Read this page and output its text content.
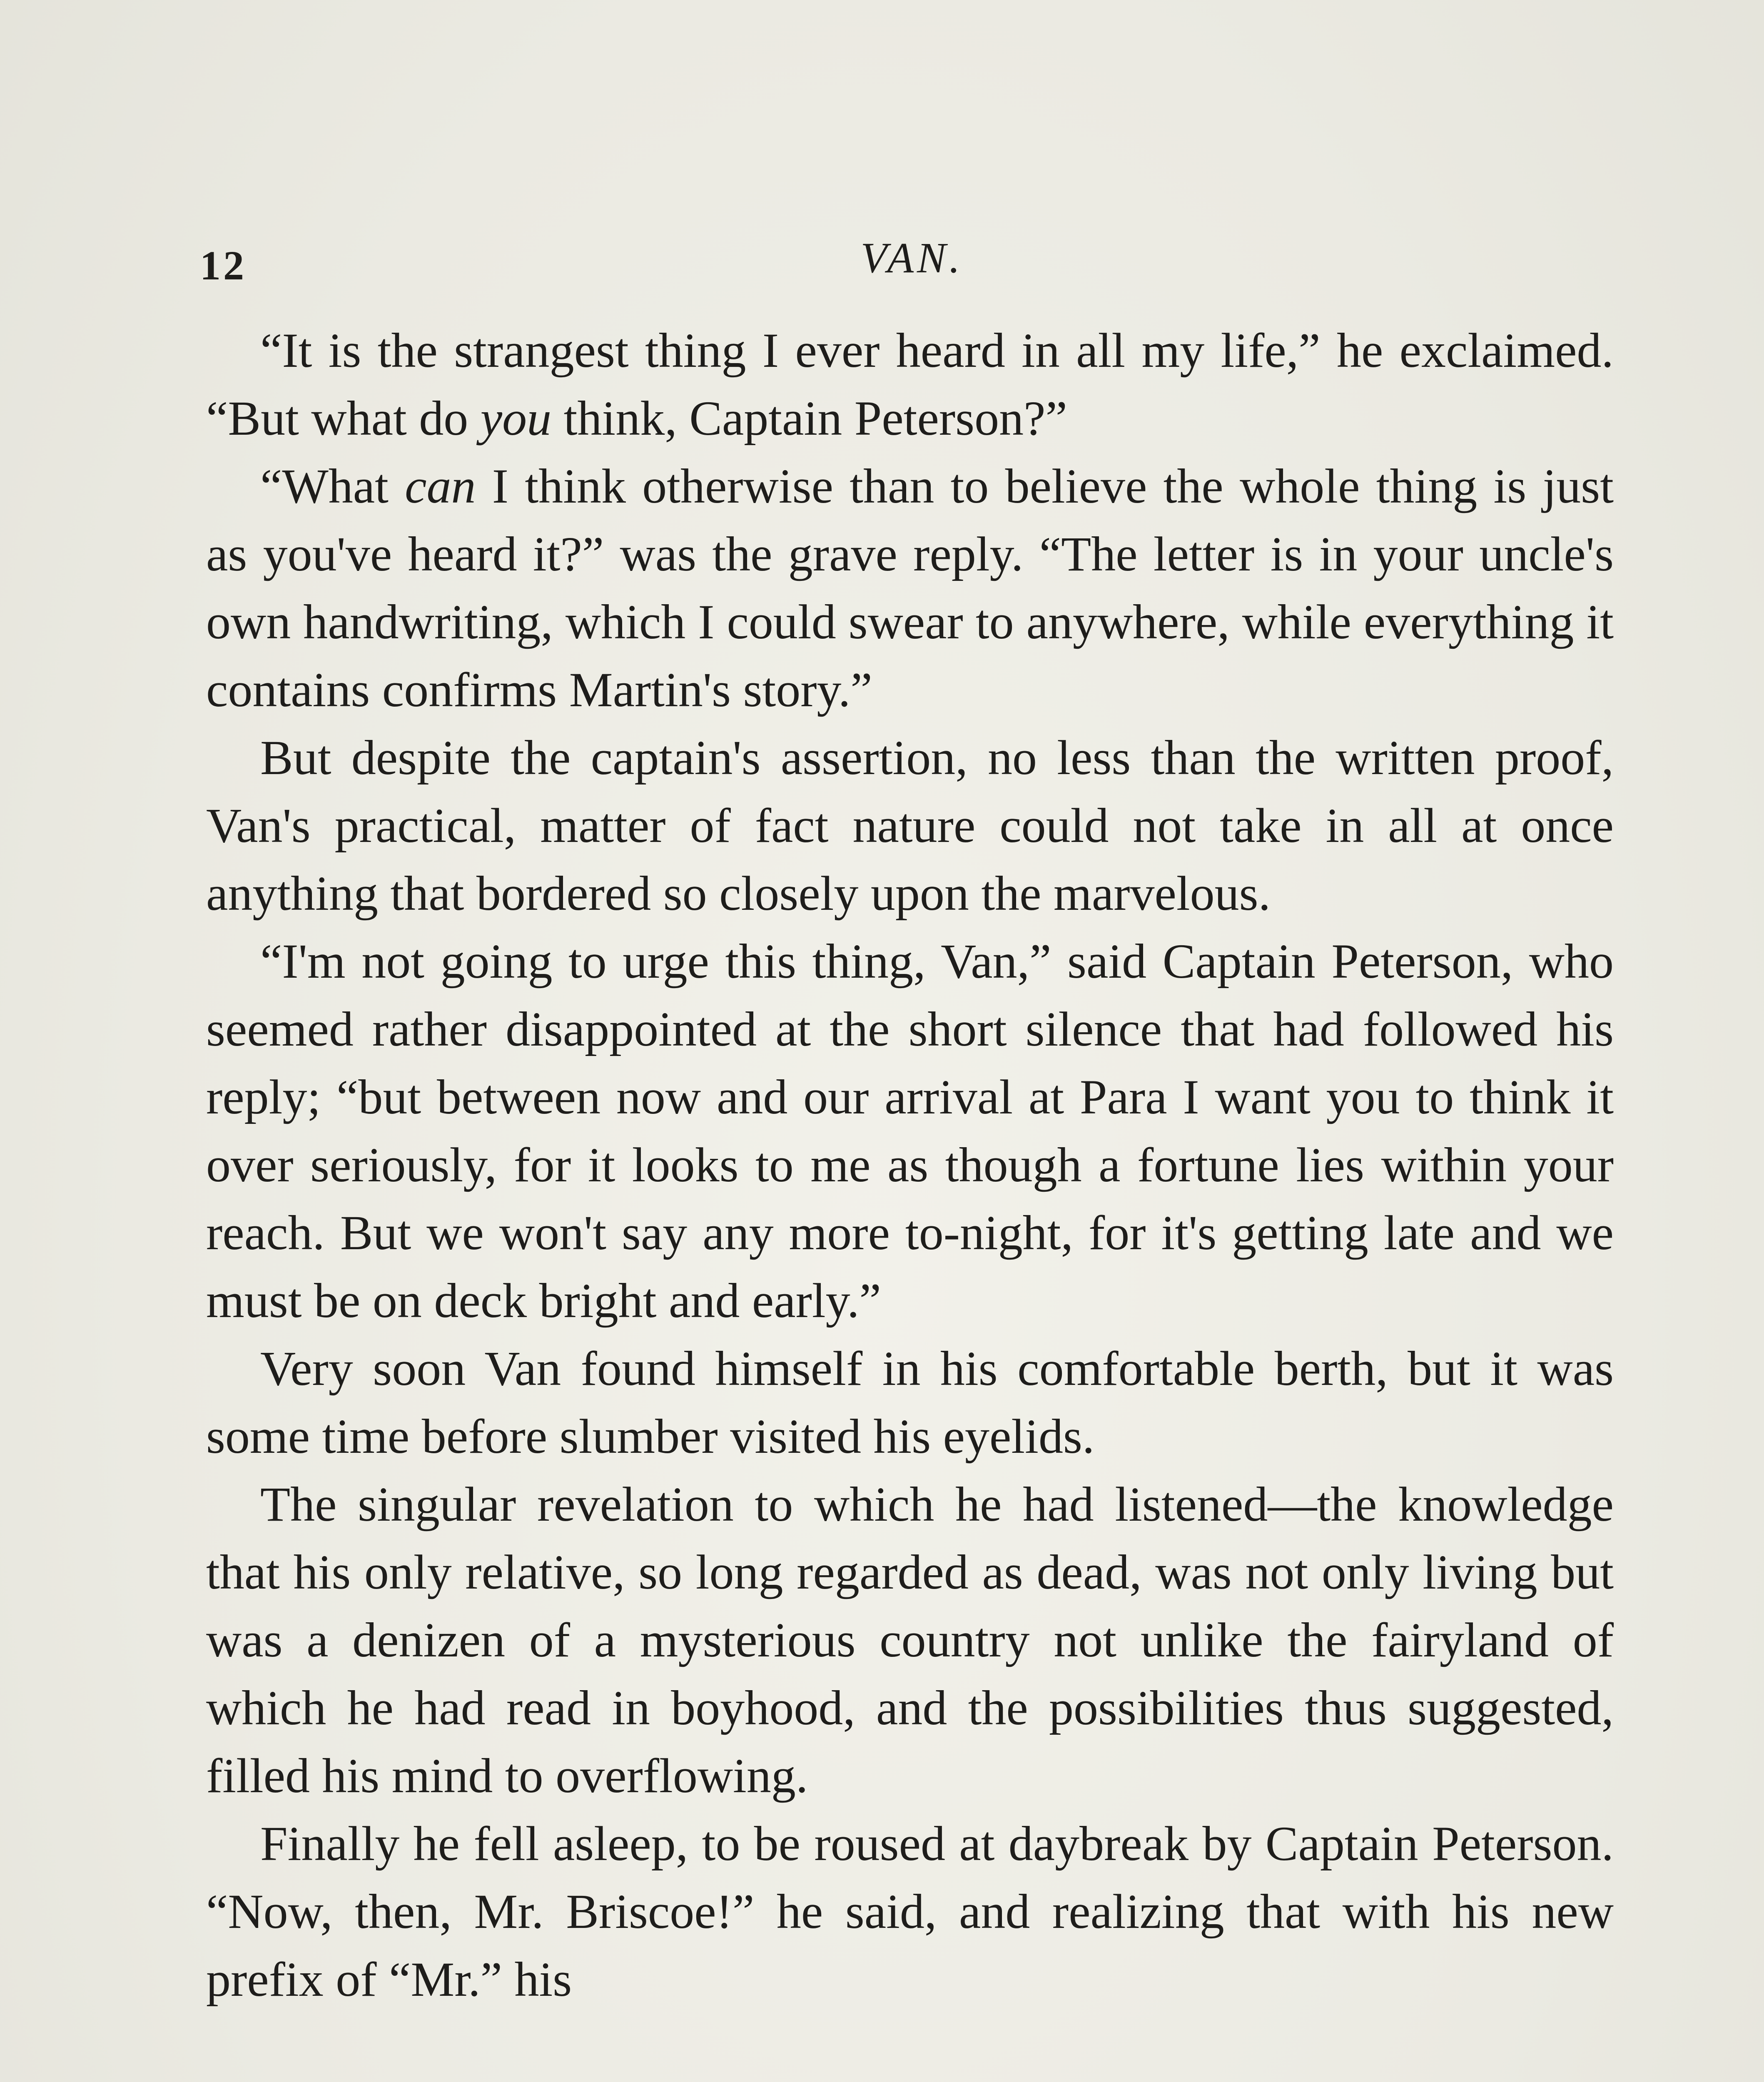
12	VAN.

“It is the strangest thing I ever heard in all my life,” he exclaimed. “But what do you think, Captain Peterson?”

“What can I think otherwise than to believe the whole thing is just as you've heard it?” was the grave reply. “The letter is in your uncle's own handwriting, which I could swear to anywhere, while everything it contains confirms Martin's story.”

But despite the captain's assertion, no less than the written proof, Van's practical, matter of fact nature could not take in all at once anything that bordered so closely upon the marvelous.

“I'm not going to urge this thing, Van,” said Captain Peterson, who seemed rather disappointed at the short silence that had followed his reply; “but between now and our arrival at Para I want you to think it over seriously, for it looks to me as though a fortune lies within your reach. But we won't say any more to-night, for it's getting late and we must be on deck bright and early.”

Very soon Van found himself in his comfortable berth, but it was some time before slumber visited his eyelids.

The singular revelation to which he had listened—the knowledge that his only relative, so long regarded as dead, was not only living but was a denizen of a mysterious country not unlike the fairyland of which he had read in boyhood, and the possibilities thus suggested, filled his mind to overflowing.

Finally he fell asleep, to be roused at daybreak by Captain Peterson. “Now, then, Mr. Briscoe!” he said, and realizing that with his new prefix of “Mr.” his
